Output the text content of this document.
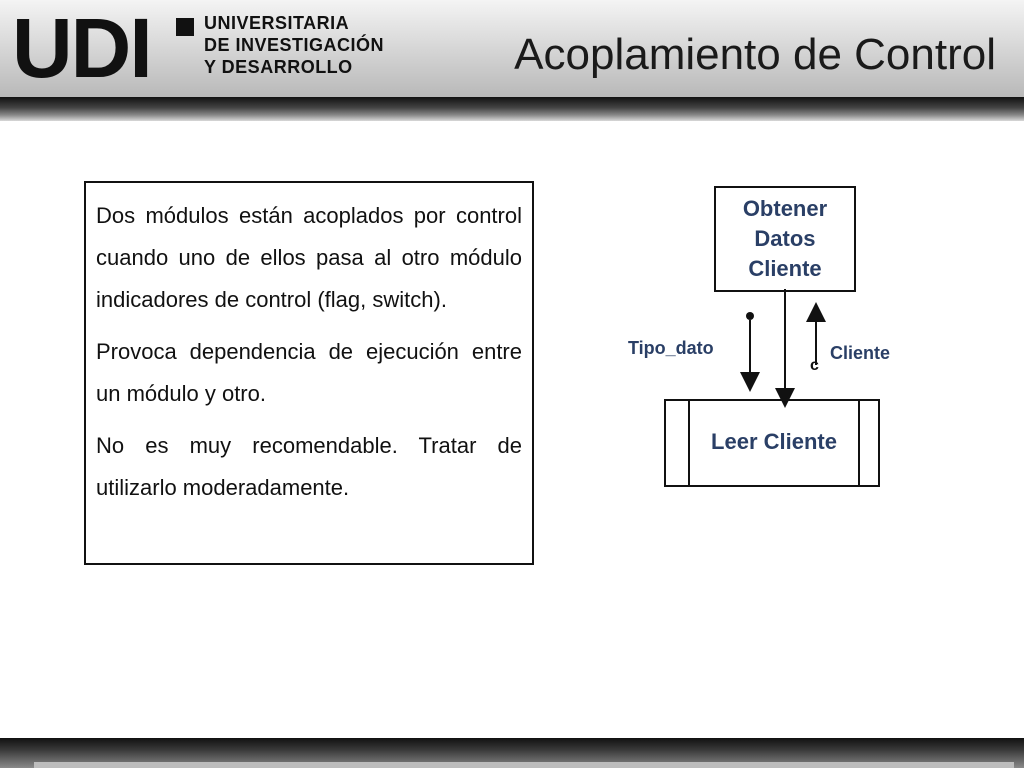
UDI	UNIVERSITARIA
DE INVESTIGACIÓN
Y DESARROLLO	Acoplamiento de Control

Dos módulos están acoplados por control cuando uno de ellos pasa al otro módulo indicadores de control (flag, switch).

Provoca dependencia de ejecución entre un módulo y otro.

No es muy recomendable. Tratar de utilizarlo moderadamente.

Obtener
Datos
Cliente
Leer Cliente
Tipo_dato	Cliente
c
